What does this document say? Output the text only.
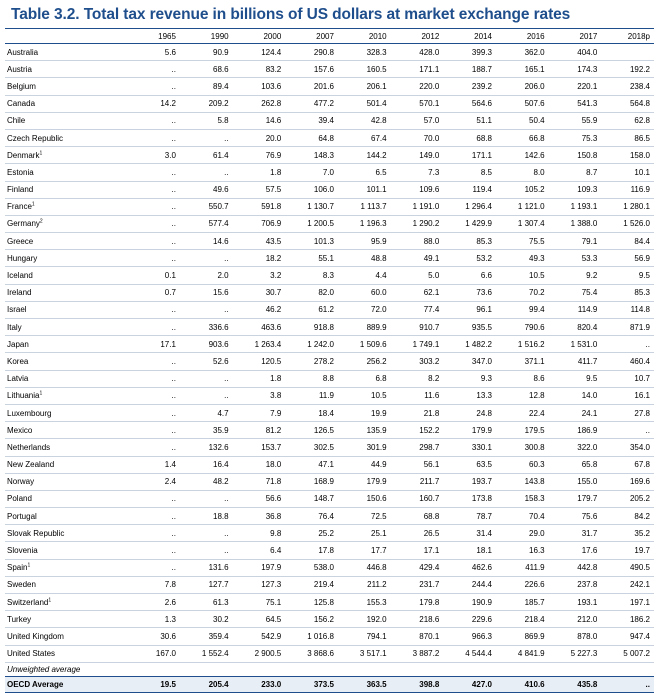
Table 3.2. Total tax revenue in billions of US dollars at market exchange rates
	1965	1990	2000	2007	2010	2012	2014	2016	2017	2018p
Australia	5.6	90.9	124.4	290.8	328.3	428.0	399.3	362.0	404.0	
Austria	..	68.6	83.2	157.6	160.5	171.1	188.7	165.1	174.3	192.2
Belgium	..	89.4	103.6	201.6	206.1	220.0	239.2	206.0	220.1	238.4
Canada	14.2	209.2	262.8	477.2	501.4	570.1	564.6	507.6	541.3	564.8
Chile	..	5.8	14.6	39.4	42.8	57.0	51.1	50.4	55.9	62.8
Czech Republic	..	..	20.0	64.8	67.4	70.0	68.8	66.8	75.3	86.5
Denmark$^1$	3.0	61.4	76.9	148.3	144.2	149.0	171.1	142.6	150.8	158.0
Estonia	..	..	1.8	7.0	6.5	7.3	8.5	8.0	8.7	10.1
Finland	..	49.6	57.5	106.0	101.1	109.6	119.4	105.2	109.3	116.9
France$^1$	..	550.7	591.8	1 130.7	1 113.7	1 191.0	1 296.4	1 121.0	1 193.1	1 280.1
Germany$^2$	..	577.4	706.9	1 200.5	1 196.3	1 290.2	1 429.9	1 307.4	1 388.0	1 526.0
Greece	..	14.6	43.5	101.3	95.9	88.0	85.3	75.5	79.1	84.4
Hungary	..	..	18.2	55.1	48.8	49.1	53.2	49.3	53.3	56.9
Iceland	0.1	2.0	3.2	8.3	4.4	5.0	6.6	10.5	9.2	9.5
Ireland	0.7	15.6	30.7	82.0	60.0	62.1	73.6	70.2	75.4	85.3
Israel	..	..	46.2	61.2	72.0	77.4	96.1	99.4	114.9	114.8
Italy	..	336.6	463.6	918.8	889.9	910.7	935.5	790.6	820.4	871.9
Japan	17.1	903.6	1 263.4	1 242.0	1 509.6	1 749.1	1 482.2	1 516.2	1 531.0	..
Korea	..	52.6	120.5	278.2	256.2	303.2	347.0	371.1	411.7	460.4
Latvia	..	..	1.8	8.8	6.8	8.2	9.3	8.6	9.5	10.7
Lithuania$^1$	..	..	3.8	11.9	10.5	11.6	13.3	12.8	14.0	16.1
Luxembourg	..	4.7	7.9	18.4	19.9	21.8	24.8	22.4	24.1	27.8
Mexico	..	35.9	81.2	126.5	135.9	152.2	179.9	179.5	186.9	..
Netherlands	..	132.6	153.7	302.5	301.9	298.7	330.1	300.8	322.0	354.0
New Zealand	1.4	16.4	18.0	47.1	44.9	56.1	63.5	60.3	65.8	67.8
Norway	2.4	48.2	71.8	168.9	179.9	211.7	193.7	143.8	155.0	169.6
Poland	..	..	56.6	148.7	150.6	160.7	173.8	158.3	179.7	205.2
Portugal	..	18.8	36.8	76.4	72.5	68.8	78.7	70.4	75.6	84.2
Slovak Republic	..	..	9.8	25.2	25.1	26.5	31.4	29.0	31.7	35.2
Slovenia	..	..	6.4	17.8	17.7	17.1	18.1	16.3	17.6	19.7
Spain$^1$	..	131.6	197.9	538.0	446.8	429.4	462.6	411.9	442.8	490.5
Sweden	7.8	127.7	127.3	219.4	211.2	231.7	244.4	226.6	237.8	242.1
Switzerland$^1$	2.6	61.3	75.1	125.8	155.3	179.8	190.9	185.7	193.1	197.1
Turkey	1.3	30.2	64.5	156.2	192.0	218.6	229.6	218.4	212.0	186.2
United Kingdom	30.6	359.4	542.9	1 016.8	794.1	870.1	966.3	869.9	878.0	947.4
United States	167.0	1 552.4	2 900.5	3 868.6	3 517.1	3 887.2	4 544.4	4 841.9	5 227.3	5 007.2
Unweighted average										
OECD Average	19.5	205.4	233.0	373.5	363.5	398.8	427.0	410.6	435.8	..
